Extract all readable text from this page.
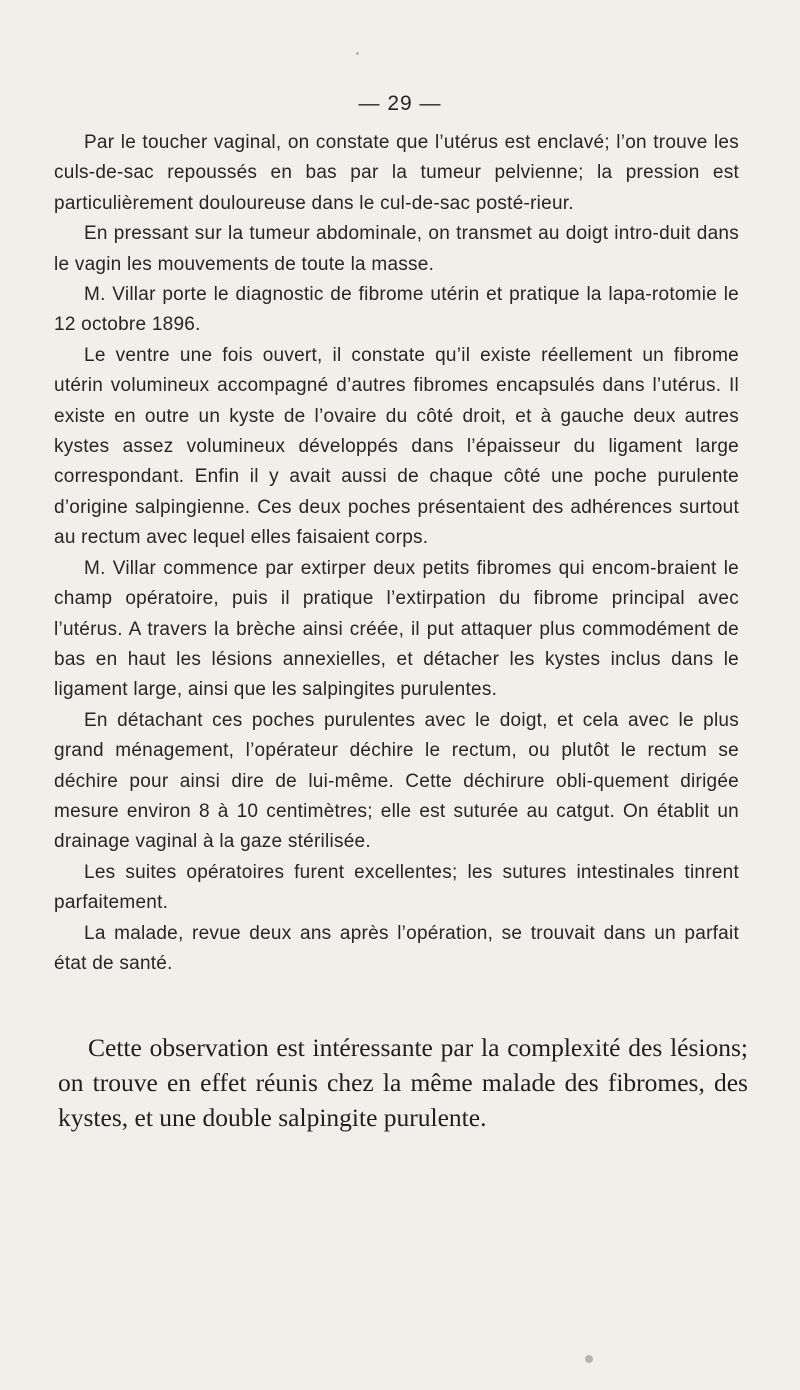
— 29 —

Par le toucher vaginal, on constate que l’utérus est enclavé; l’on trouve les culs-de-sac repoussés en bas par la tumeur pelvienne; la pression est particulièrement douloureuse dans le cul-de-sac posté-rieur.

En pressant sur la tumeur abdominale, on transmet au doigt intro-duit dans le vagin les mouvements de toute la masse.

M. Villar porte le diagnostic de fibrome utérin et pratique la lapa-rotomie le 12 octobre 1896.

Le ventre une fois ouvert, il constate qu’il existe réellement un fibrome utérin volumineux accompagné d’autres fibromes encapsulés dans l’utérus. Il existe en outre un kyste de l’ovaire du côté droit, et à gauche deux autres kystes assez volumineux développés dans l’épaisseur du ligament large correspondant. Enfin il y avait aussi de chaque côté une poche purulente d’origine salpingienne. Ces deux poches présentaient des adhérences surtout au rectum avec lequel elles faisaient corps.

M. Villar commence par extirper deux petits fibromes qui encom-braient le champ opératoire, puis il pratique l’extirpation du fibrome principal avec l’utérus. A travers la brèche ainsi créée, il put attaquer plus commodément de bas en haut les lésions annexielles, et détacher les kystes inclus dans le ligament large, ainsi que les salpingites purulentes.

En détachant ces poches purulentes avec le doigt, et cela avec le plus grand ménagement, l’opérateur déchire le rectum, ou plutôt le rectum se déchire pour ainsi dire de lui-même. Cette déchirure obli-quement dirigée mesure environ 8 à 10 centimètres; elle est suturée au catgut. On établit un drainage vaginal à la gaze stérilisée.

Les suites opératoires furent excellentes; les sutures intestinales tinrent parfaitement.

La malade, revue deux ans après l’opération, se trouvait dans un parfait état de santé.

Cette observation est intéressante par la complexité des lésions; on trouve en effet réunis chez la même malade des fibromes, des kystes, et une double salpingite purulente.
